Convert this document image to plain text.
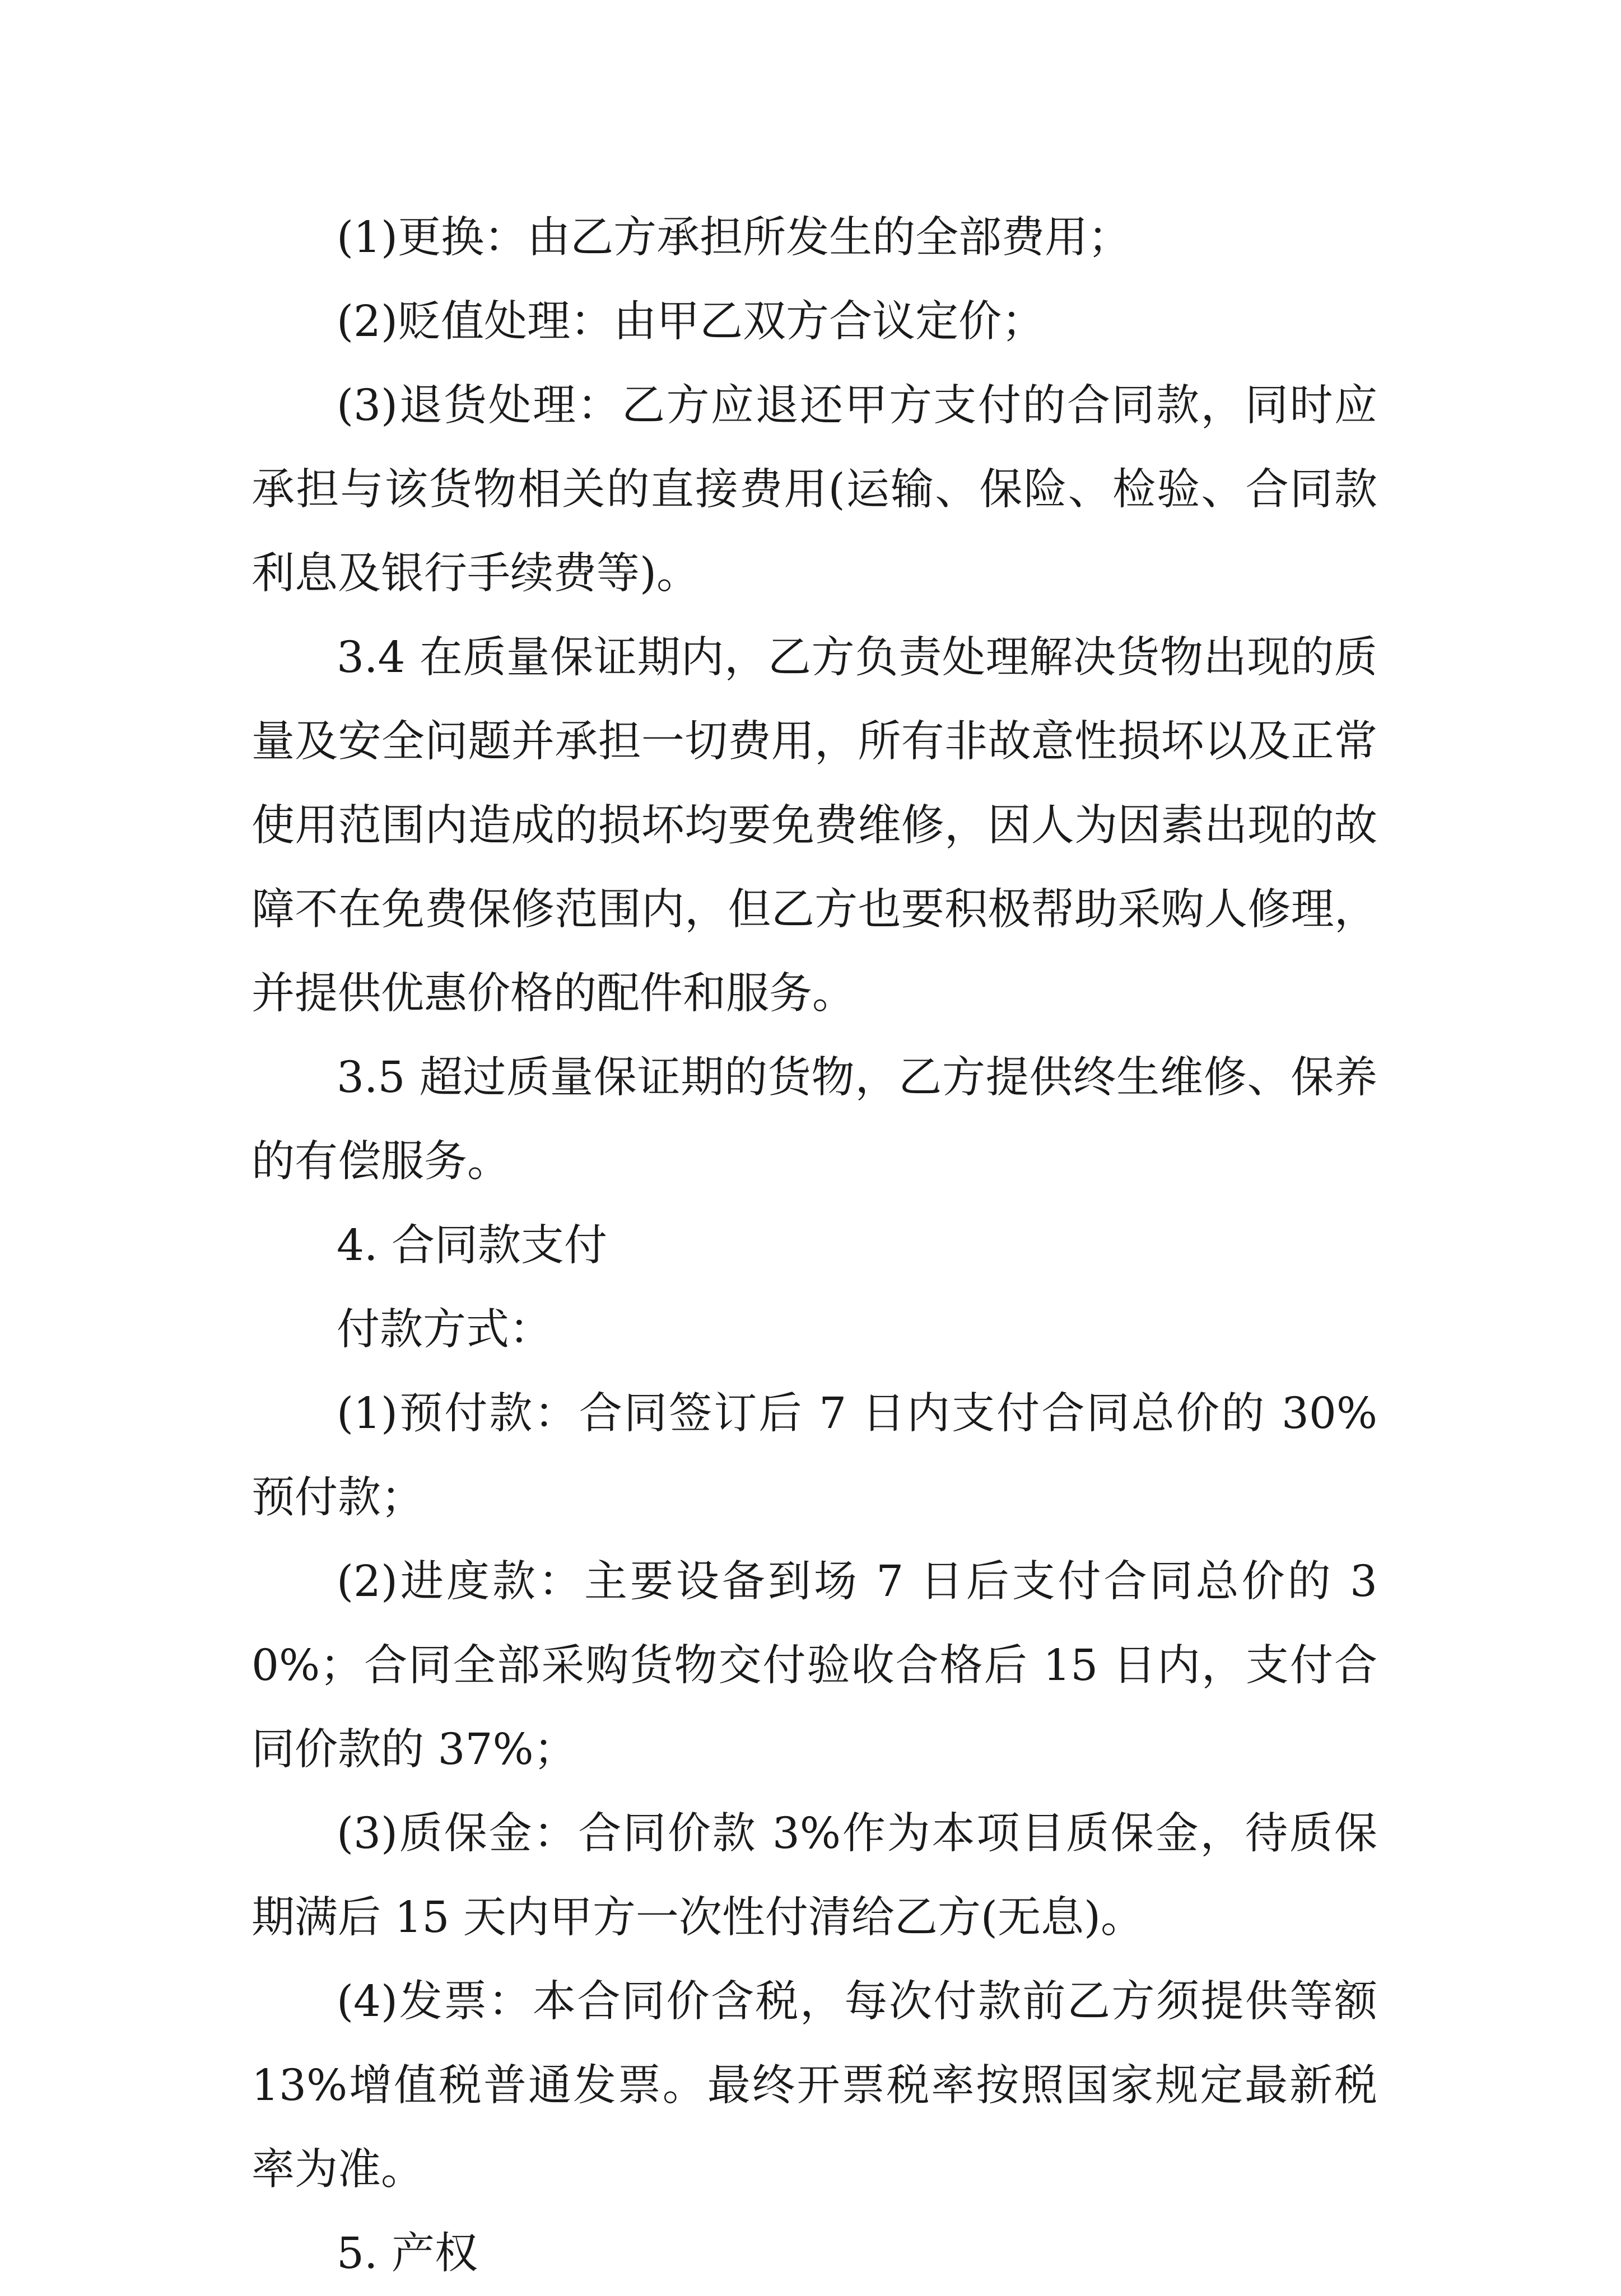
(1)更换：由乙方承担所发生的全部费用；

(2)贬值处理：由甲乙双方合议定价；

(3)退货处理：乙方应退还甲方支付的合同款，同时应承担与该货物相关的直接费用(运输、保险、检验、合同款利息及银行手续费等)。

3.4 在质量保证期内，乙方负责处理解决货物出现的质量及安全问题并承担一切费用，所有非故意性损坏以及正常使用范围内造成的损坏均要免费维修，因人为因素出现的故障不在免费保修范围内，但乙方也要积极帮助采购人修理，并提供优惠价格的配件和服务。

3.5 超过质量保证期的货物，乙方提供终生维修、保养的有偿服务。

4. 合同款支付

付款方式：

(1)预付款：合同签订后 7 日内支付合同总价的 30%预付款；

(2)进度款：主要设备到场 7 日后支付合同总价的 30%；合同全部采购货物交付验收合格后 15 日内，支付合同价款的 37%；

(3)质保金：合同价款 3%作为本项目质保金，待质保期满后 15 天内甲方一次性付清给乙方(无息)。

(4)发票：本合同价含税，每次付款前乙方须提供等额 13%增值税普通发票。最终开票税率按照国家规定最新税率为准。

5. 产权
